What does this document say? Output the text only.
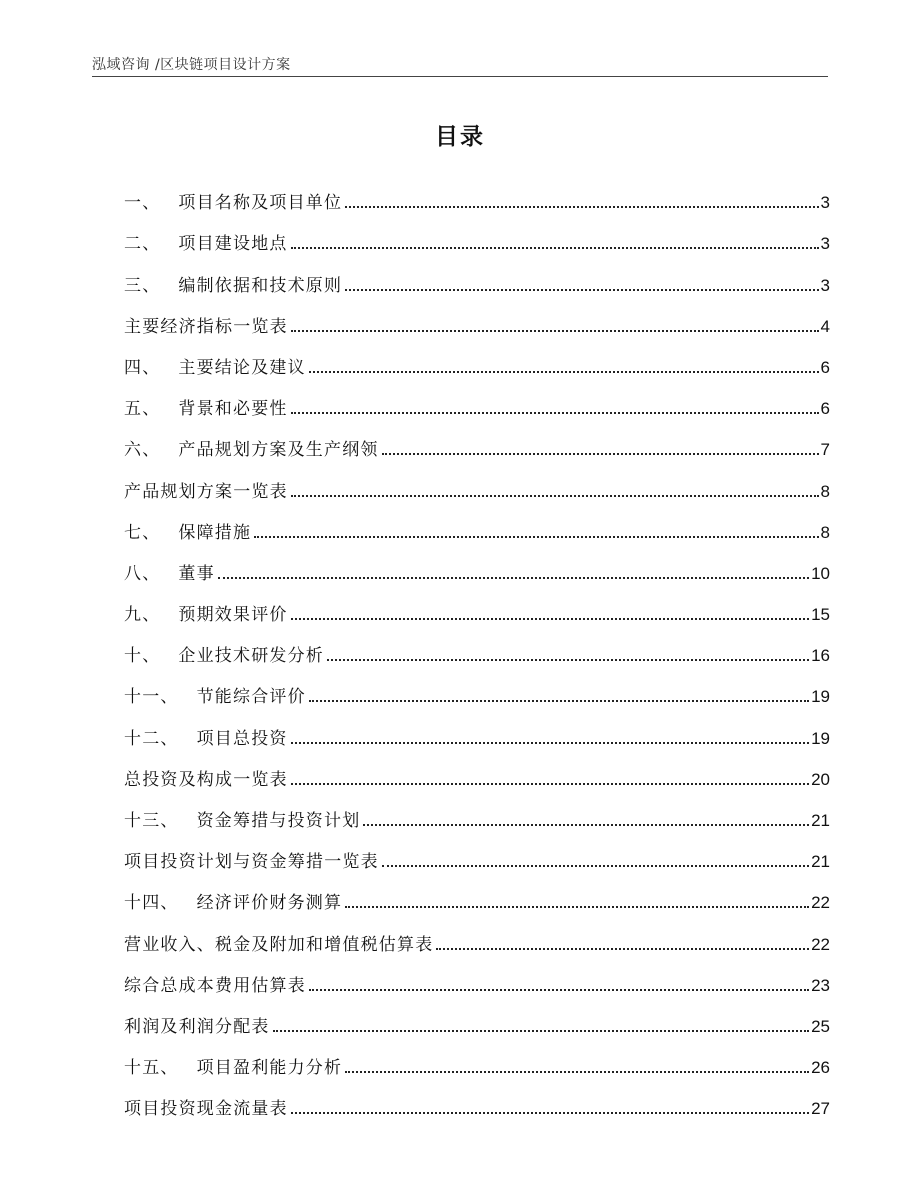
泓域咨询 /区块链项目设计方案
目录
一、 项目名称及项目单位	3
二、 项目建设地点	3
三、 编制依据和技术原则	3
主要经济指标一览表	4
四、 主要结论及建议	6
五、 背景和必要性	6
六、 产品规划方案及生产纲领	7
产品规划方案一览表	8
七、 保障措施	8
八、 董事	10
九、 预期效果评价	15
十、 企业技术研发分析	16
十一、 节能综合评价	19
十二、 项目总投资	19
总投资及构成一览表	20
十三、 资金筹措与投资计划	21
项目投资计划与资金筹措一览表	21
十四、 经济评价财务测算	22
营业收入、税金及附加和增值税估算表	22
综合总成本费用估算表	23
利润及利润分配表	25
十五、 项目盈利能力分析	26
项目投资现金流量表	27
